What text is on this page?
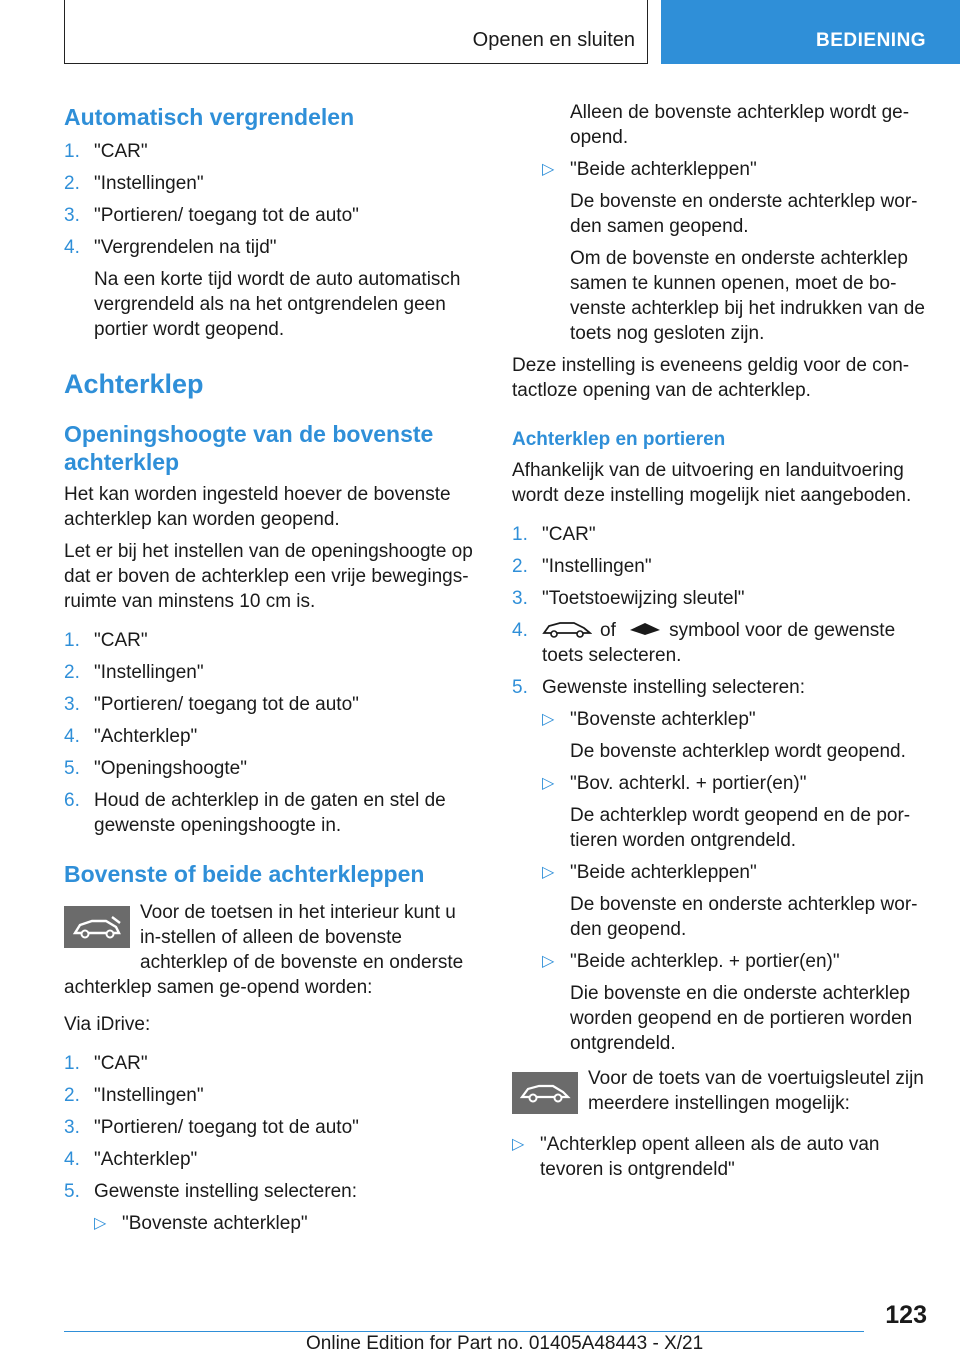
Openen en sluiten	BEDIENING
Automatisch vergrendelen
1. "CAR"
2. "Instellingen"
3. "Portieren/ toegang tot de auto"
4. "Vergrendelen na tijd"
Na een korte tijd wordt de auto automatisch vergrendeld als na het ontgrendelen geen portier wordt geopend.
Achterklep
Openingshoogte van de bovenste achterklep

Het kan worden ingesteld hoever de bovenste achterklep kan worden geopend.

Let er bij het instellen van de openingshoogte op dat er boven de achterklep een vrije bewegings-ruimte van minstens 10 cm is.

1. "CAR"
2. "Instellingen"
3. "Portieren/ toegang tot de auto"
4. "Achterklep"
5. "Openingshoogte"
6. Houd de achterklep in de gaten en stel de gewenste openingshoogte in.
Bovenste of beide achterkleppen

Voor de toetsen in het interieur kunt u in-stellen of alleen de bovenste achterklep of de bovenste en onderste achterklep samen ge-opend worden:

Via iDrive:

1. "CAR"
2. "Instellingen"
3. "Portieren/ toegang tot de auto"
4. "Achterklep"
5. Gewenste instelling selecteren:
▷ "Bovenste achterklep"
Alleen de bovenste achterklep wordt ge-opend.
▷ "Beide achterkleppen"
De bovenste en onderste achterklep wor-den samen geopend.
Om de bovenste en onderste achterklep samen te kunnen openen, moet de bo-venste achterklep bij het indrukken van de toets nog gesloten zijn.

Deze instelling is eveneens geldig voor de con-tactloze opening van de achterklep.

Achterklep en portieren

Afhankelijk van de uitvoering en landuitvoering wordt deze instelling mogelijk niet aangeboden.

1. "CAR"
2. "Instellingen"
3. "Toetstoewijzing sleutel"
4.	of	symbool voor de gewenste toets selecteren.
5. Gewenste instelling selecteren:
▷ "Bovenste achterklep"
De bovenste achterklep wordt geopend.
▷ "Bov. achterkl. + portier(en)"
De achterklep wordt geopend en de por-tieren worden ontgrendeld.
▷ "Beide achterkleppen"
De bovenste en onderste achterklep wor-den geopend.
▷ "Beide achterklep. + portier(en)"
Die bovenste en die onderste achterklep worden geopend en de portieren worden ontgrendeld.

Voor de toets van de voertuigsleutel zijn meerdere instellingen mogelijk:

▷ "Achterklep opent alleen als de auto van tevoren is ontgrendeld"
123
Online Edition for Part no. 01405A48443 - X/21
